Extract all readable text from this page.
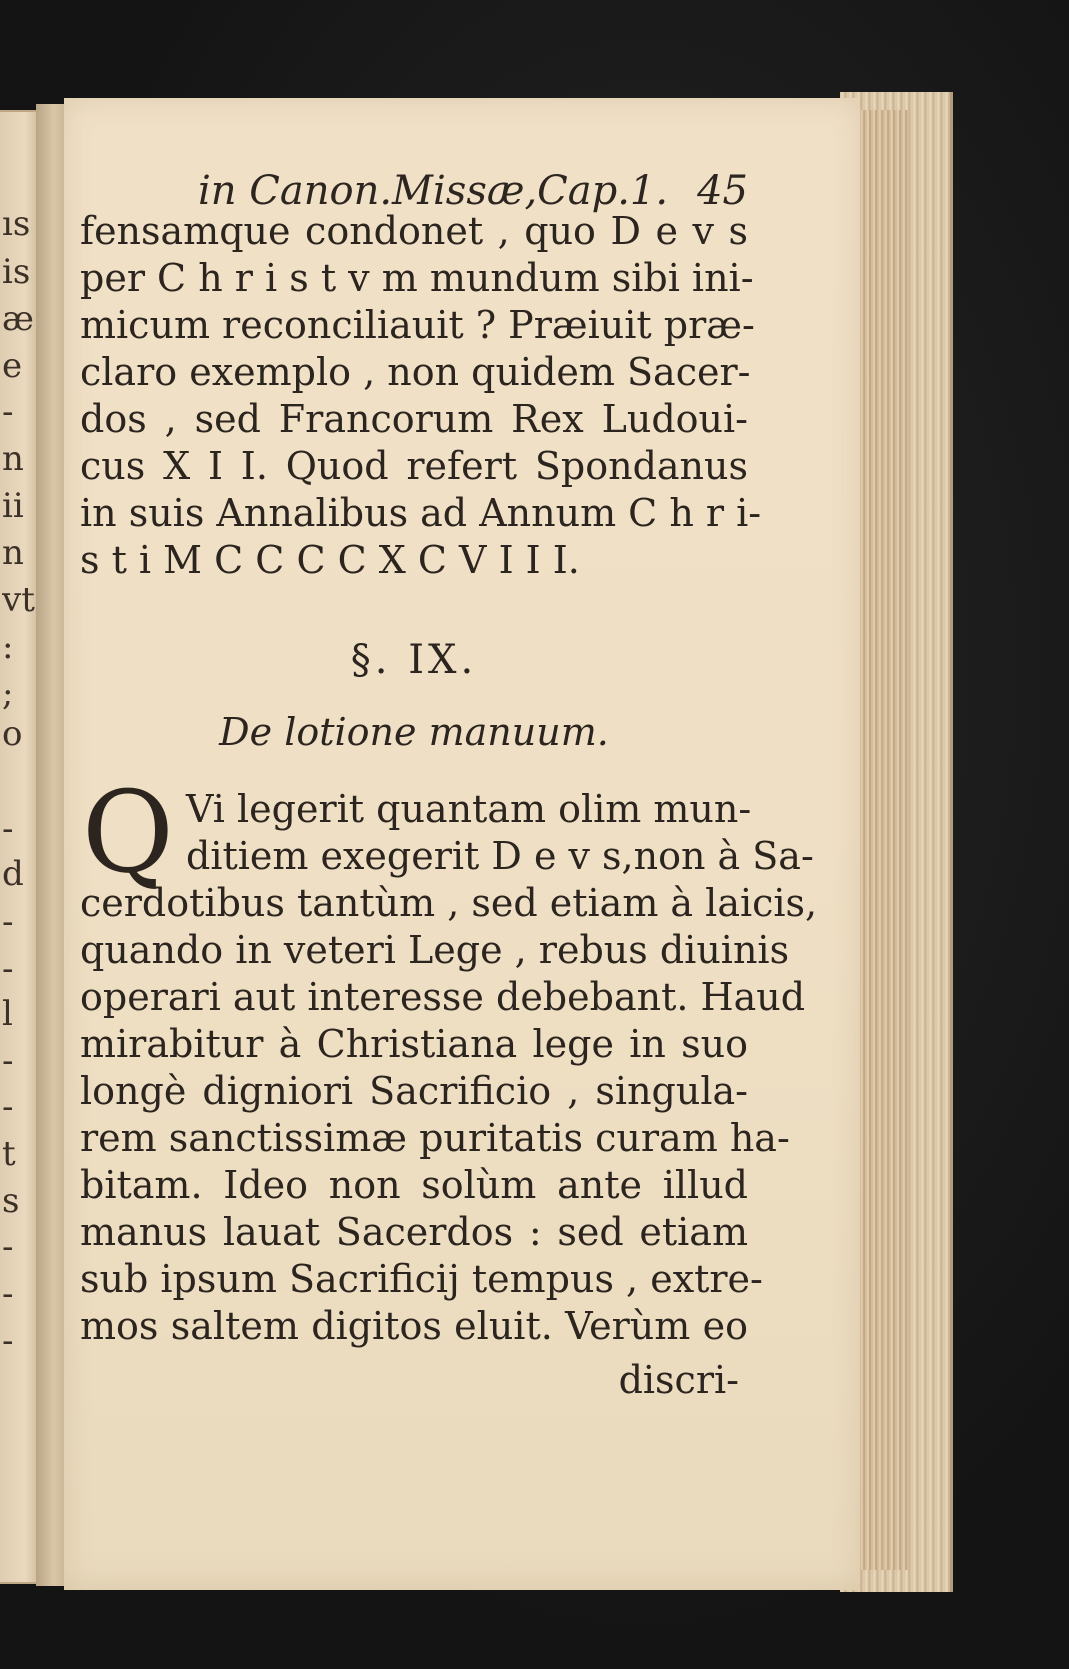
ıs
is
æ
e
-
n
ii
n
vt
:
;
o
-
d
-
-
l
-
-
t
s
-
-
-
in Canon.Missæ,Cap.1. 45
fensamque condonet , quo D e v s
per C h r i s t v m mundum sibi ini-
micum reconciliauit ? Præiuit præ-
claro exemplo , non quidem Sacer-
dos , sed Francorum Rex Ludoui-
cus X I I. Quod refert Spondanus
in suis Annalibus ad Annum C h r i-
s t i M C C C C X C V I I I.
§. IX.
De lotione manuum.
Q Vi legerit quantam olim mun-
ditiem exegerit D e v s,non à Sa-
cerdotibus tantùm , sed etiam à laicis,
quando in veteri Lege , rebus diuinis
operari aut interesse debebant. Haud
mirabitur à Christiana lege in suo
longè digniori Sacrificio , singula-
rem sanctissimæ puritatis curam ha-
bitam. Ideo non solùm ante illud
manus lauat Sacerdos : sed etiam
sub ipsum Sacrificij tempus , extre-
mos saltem digitos eluit. Verùm eo
discri-
